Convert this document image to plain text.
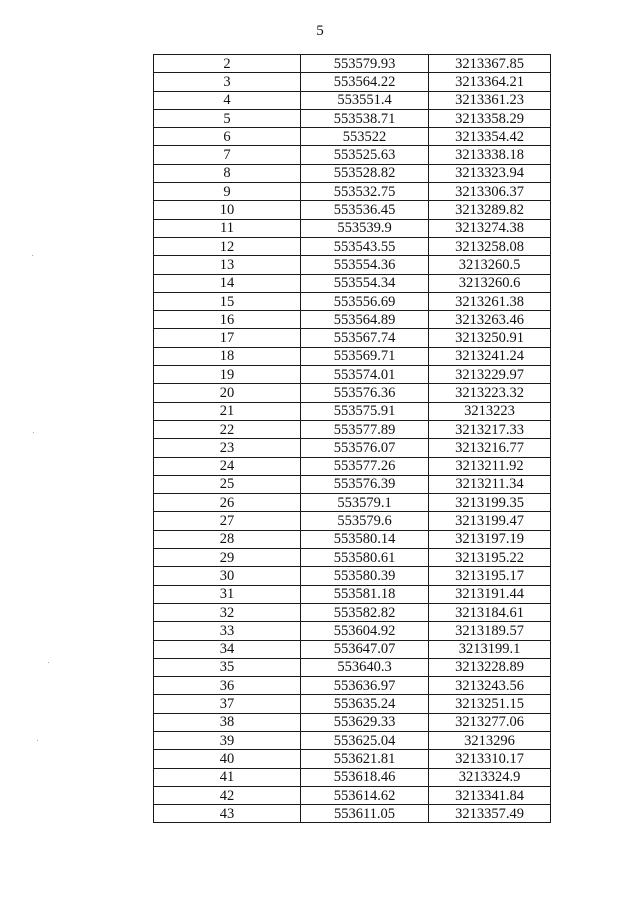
5
2	553579.93	3213367.85
3	553564.22	3213364.21
4	553551.4	3213361.23
5	553538.71	3213358.29
6	553522	3213354.42
7	553525.63	3213338.18
8	553528.82	3213323.94
9	553532.75	3213306.37
10	553536.45	3213289.82
11	553539.9	3213274.38
12	553543.55	3213258.08
13	553554.36	3213260.5
14	553554.34	3213260.6
15	553556.69	3213261.38
16	553564.89	3213263.46
17	553567.74	3213250.91
18	553569.71	3213241.24
19	553574.01	3213229.97
20	553576.36	3213223.32
21	553575.91	3213223
22	553577.89	3213217.33
23	553576.07	3213216.77
24	553577.26	3213211.92
25	553576.39	3213211.34
26	553579.1	3213199.35
27	553579.6	3213199.47
28	553580.14	3213197.19
29	553580.61	3213195.22
30	553580.39	3213195.17
31	553581.18	3213191.44
32	553582.82	3213184.61
33	553604.92	3213189.57
34	553647.07	3213199.1
35	553640.3	3213228.89
36	553636.97	3213243.56
37	553635.24	3213251.15
38	553629.33	3213277.06
39	553625.04	3213296
40	553621.81	3213310.17
41	553618.46	3213324.9
42	553614.62	3213341.84
43	553611.05	3213357.49
